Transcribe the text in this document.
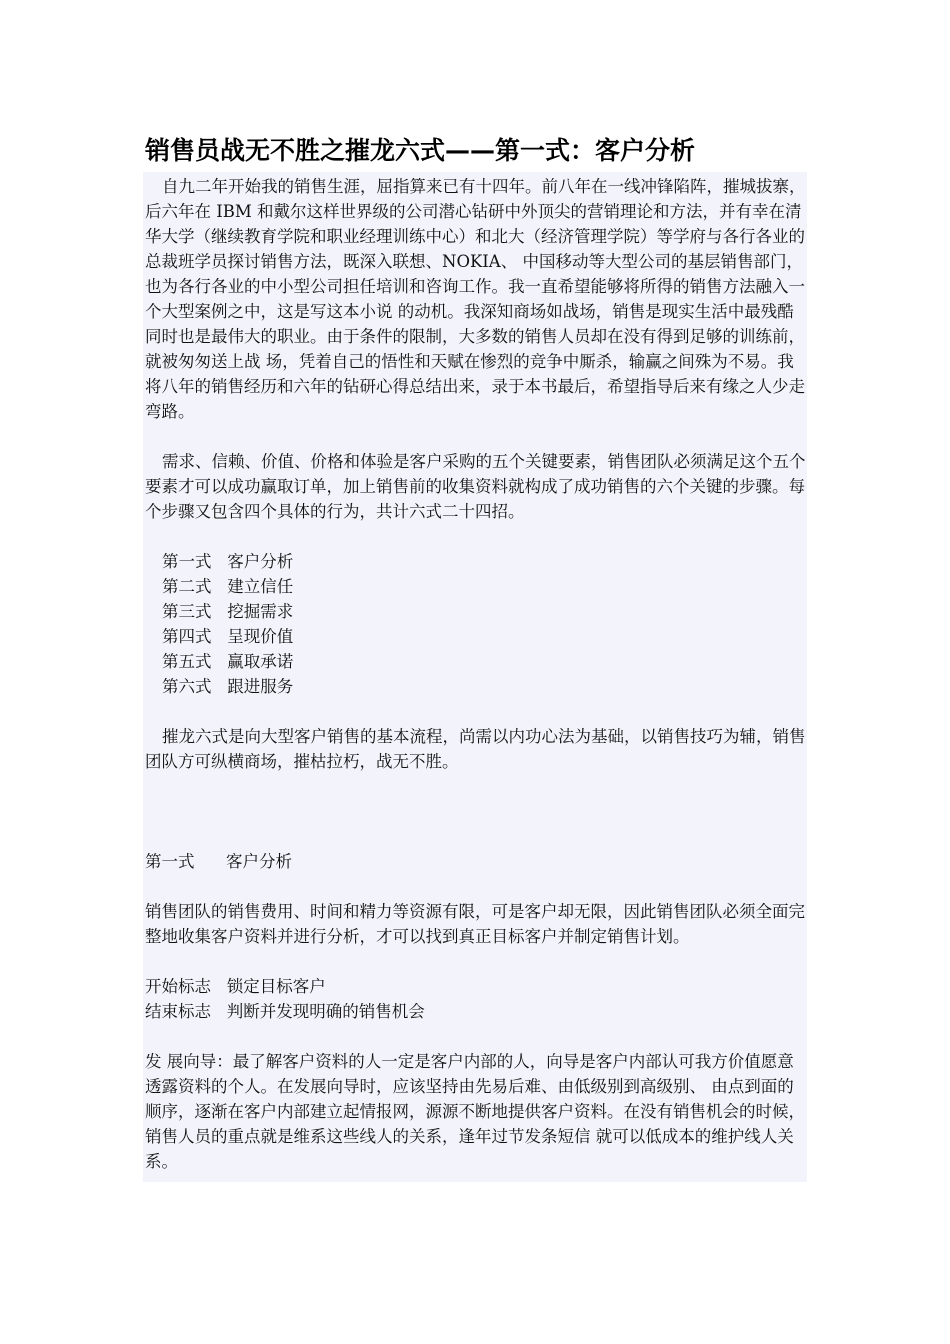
销售员战无不胜之摧龙六式——第一式：客户分析

自九二年开始我的销售生涯，屈指算来已有十四年。前八年在一线冲锋陷阵，摧城拔寨，后六年在 IBM 和戴尔这样世界级的公司潜心钻研中外顶尖的营销理论和方法，并有幸在清华大学（继续教育学院和职业经理训练中心）和北大（经济管理学院）等学府与各行各业的总裁班学员探讨销售方法，既深入联想、NOKIA、 中国移动等大型公司的基层销售部门，也为各行各业的中小型公司担任培训和咨询工作。我一直希望能够将所得的销售方法融入一个大型案例之中，这是写这本小说 的动机。我深知商场如战场，销售是现实生活中最残酷同时也是最伟大的职业。由于条件的限制，大多数的销售人员却在没有得到足够的训练前，就被匆匆送上战 场，凭着自己的悟性和天赋在惨烈的竞争中厮杀，输赢之间殊为不易。我将八年的销售经历和六年的钻研心得总结出来，录于本书最后，希望指导后来有缘之人少走 弯路。

需求、信赖、价值、价格和体验是客户采购的五个关键要素，销售团队必须满足这个五个要素才可以成功赢取订单，加上销售前的收集资料就构成了成功销售的六个关键的步骤。每个步骤又包含四个具体的行为，共计六式二十四招。

第一式   客户分析

第二式   建立信任

第三式   挖掘需求

第四式   呈现价值

第五式   赢取承诺

第六式   跟进服务

摧龙六式是向大型客户销售的基本流程，尚需以内功心法为基础，以销售技巧为辅，销售团队方可纵横商场，摧枯拉朽，战无不胜。

第一式      客户分析

销售团队的销售费用、时间和精力等资源有限，可是客户却无限，因此销售团队必须全面完整地收集客户资料并进行分析，才可以找到真正目标客户并制定销售计划。

开始标志   锁定目标客户

结束标志   判断并发现明确的销售机会

发 展向导：最了解客户资料的人一定是客户内部的人，向导是客户内部认可我方价值愿意透露资料的个人。在发展向导时，应该坚持由先易后难、由低级别到高级别、 由点到面的顺序，逐渐在客户内部建立起情报网，源源不断地提供客户资料。在没有销售机会的时候，销售人员的重点就是维系这些线人的关系，逢年过节发条短信 就可以低成本的维护线人关系。
